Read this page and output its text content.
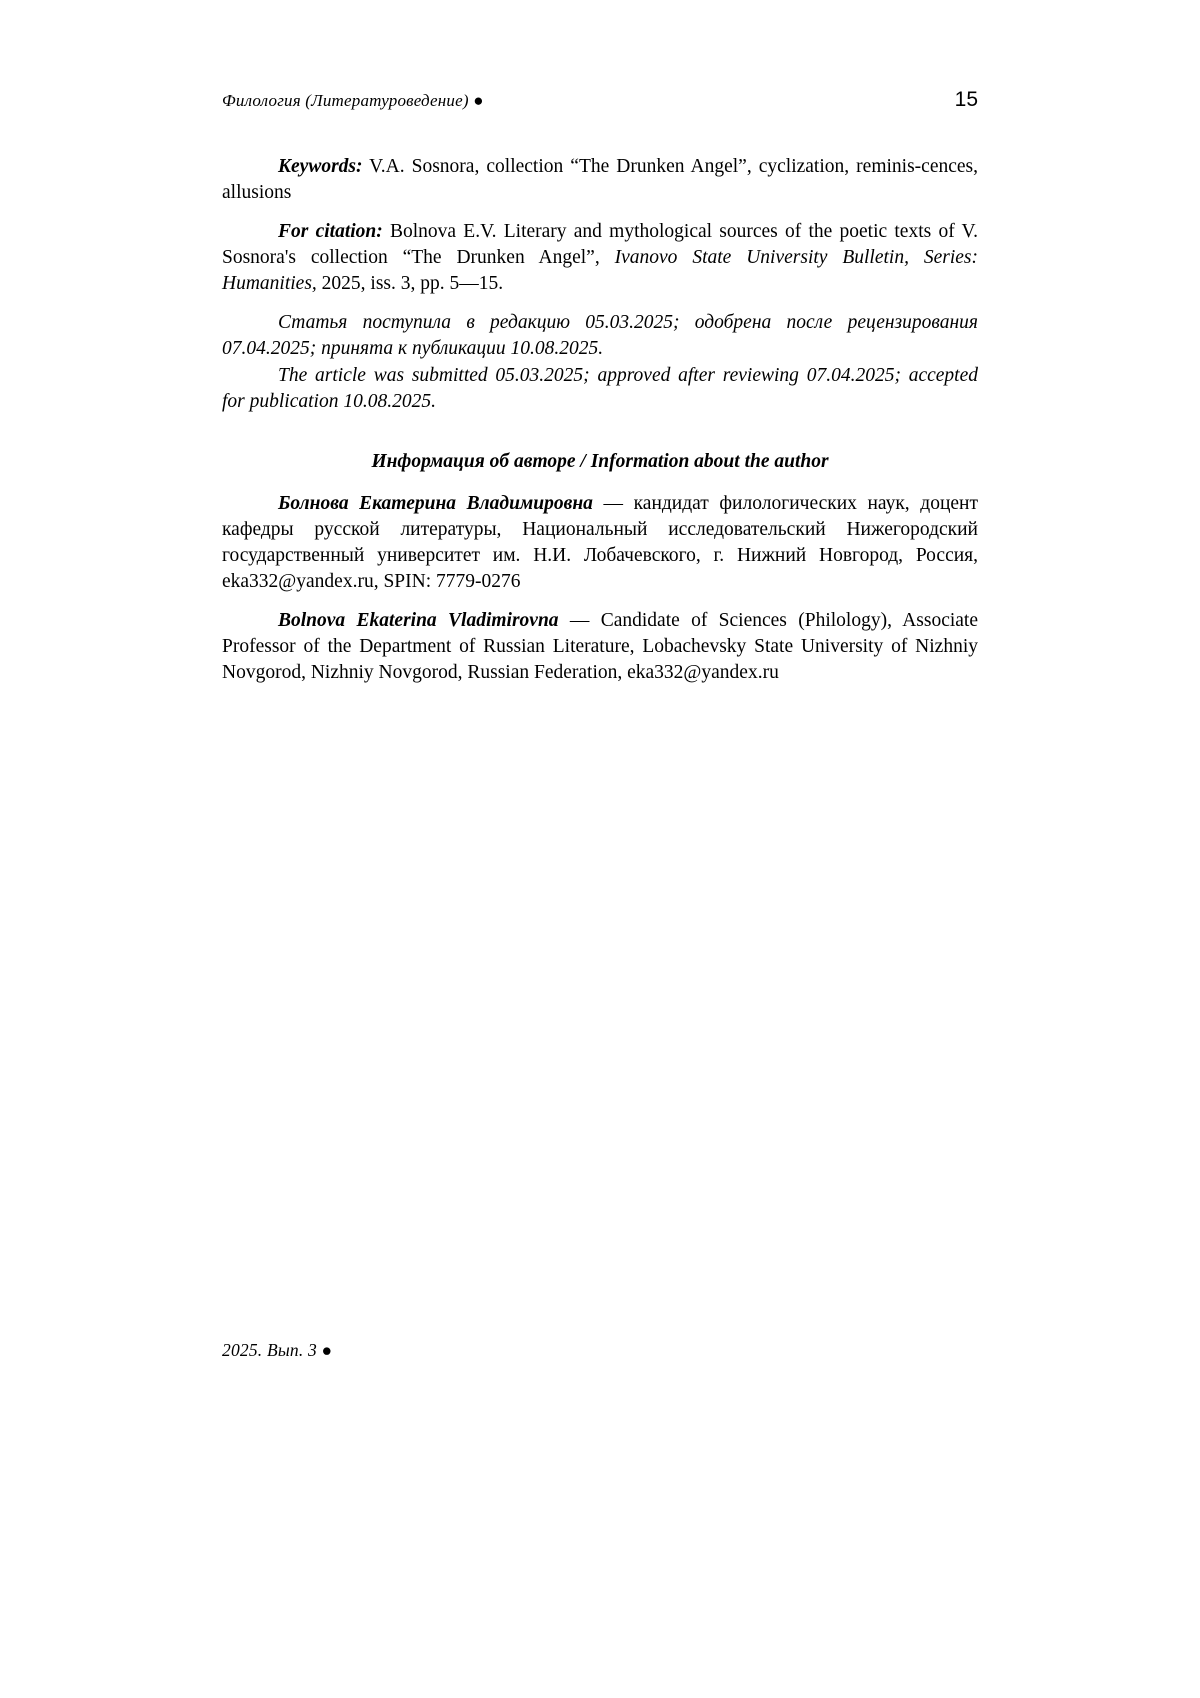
Филология (Литературоведение) ●	15

Keywords: V.A. Sosnora, collection “The Drunken Angel”, cyclization, reminis-cences, allusions

For citation: Bolnova E.V. Literary and mythological sources of the poetic texts of V. Sosnora's collection “The Drunken Angel”, Ivanovo State University Bulletin, Series: Humanities, 2025, iss. 3, pp. 5—15.

Статья поступила в редакцию 05.03.2025; одобрена после рецензирования 07.04.2025; принята к публикации 10.08.2025.

The article was submitted 05.03.2025; approved after reviewing 07.04.2025; accepted for publication 10.08.2025.

Информация об авторе / Information about the author

Болнова Екатерина Владимировна — кандидат филологических наук, доцент кафедры русской литературы, Национальный исследовательский Нижегородский государственный университет им. Н.И. Лобачевского, г. Нижний Новгород, Россия, eka332@yandex.ru, SPIN: 7779-0276

Bolnova Ekaterina Vladimirovna — Candidate of Sciences (Philology), Associate Professor of the Department of Russian Literature, Lobachevsky State University of Nizhniy Novgorod, Nizhniy Novgorod, Russian Federation, eka332@yandex.ru

2025. Вып. 3 ●
